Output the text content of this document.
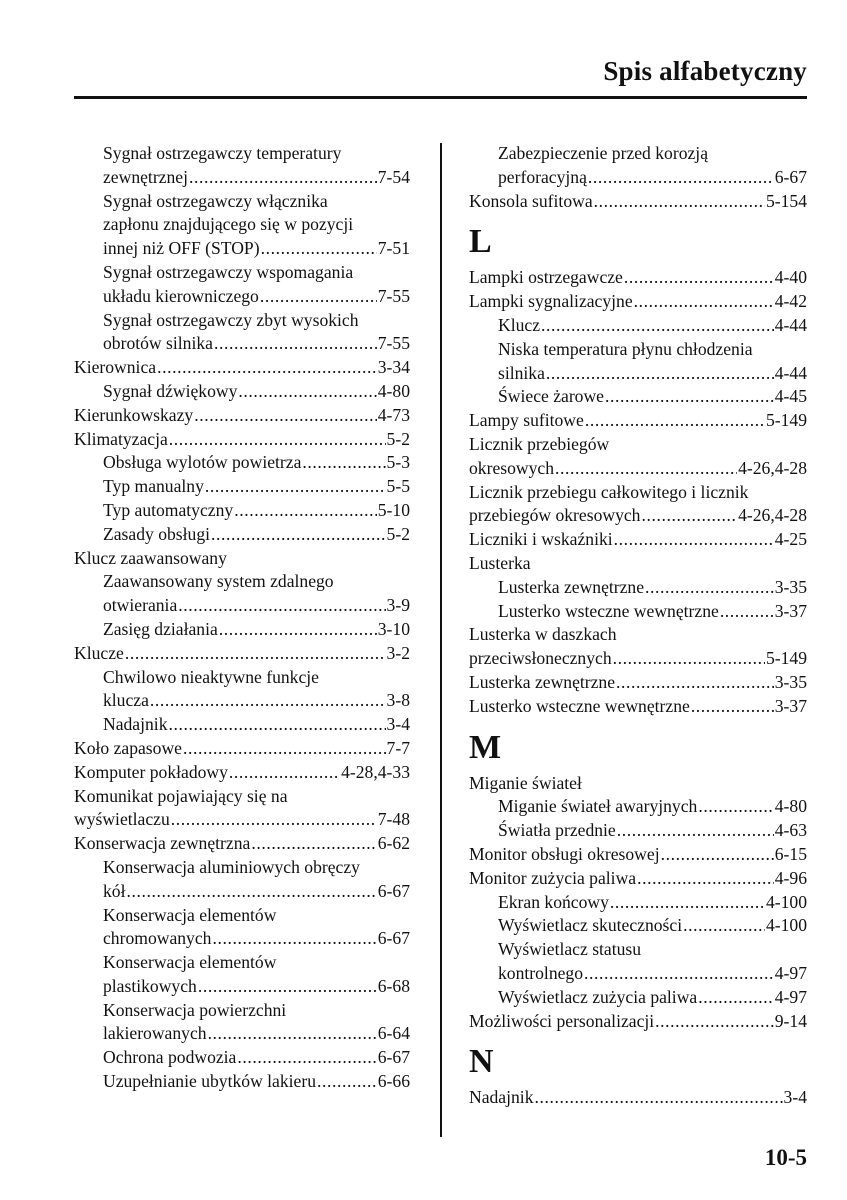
Spis alfabetyczny
Sygnał ostrzegawczy temperatury
zewnętrznej .....	7-54
Sygnał ostrzegawczy włącznika
zapłonu znajdującego się w pozycji
innej niż OFF (STOP) .....	7-51
Sygnał ostrzegawczy wspomagania
układu kierowniczego .....	7-55
Sygnał ostrzegawczy zbyt wysokich
obrotów silnika .....	7-55
Kierownica .....	3-34
Sygnał dźwiękowy .....	4-80
Kierunkowskazy .....	4-73
Klimatyzacja .....	5-2
Obsługa wylotów powietrza .....	5-3
Typ manualny .....	5-5
Typ automatyczny .....	5-10
Zasady obsługi .....	5-2
Klucz zaawansowany
Zaawansowany system zdalnego
otwierania .....	3-9
Zasięg działania .....	3-10
Klucze .....	3-2
Chwilowo nieaktywne funkcje
klucza .....	3-8
Nadajnik .....	3-4
Koło zapasowe .....	7-7
Komputer pokładowy .....	4-28,4-33
Komunikat pojawiający się na
wyświetlaczu .....	7-48
Konserwacja zewnętrzna .....	6-62
Konserwacja aluminiowych obręczy
kół .....	6-67
Konserwacja elementów
chromowanych .....	6-67
Konserwacja elementów
plastikowych .....	6-68
Konserwacja powierzchni
lakierowanych .....	6-64
Ochrona podwozia .....	6-67
Uzupełnianie ubytków lakieru .....	6-66
Zabezpieczenie przed korozją
perforacyjną .....	6-67
Konsola sufitowa .....	5-154
L
Lampki ostrzegawcze .....	4-40
Lampki sygnalizacyjne .....	4-42
Klucz .....	4-44
Niska temperatura płynu chłodzenia
silnika .....	4-44
Świece żarowe .....	4-45
Lampy sufitowe .....	5-149
Licznik przebiegów
okresowych .....	4-26,4-28
Licznik przebiegu całkowitego i licznik
przebiegów okresowych .....	4-26,4-28
Liczniki i wskaźniki .....	4-25
Lusterka
Lusterka zewnętrzne .....	3-35
Lusterko wsteczne wewnętrzne .....	3-37
Lusterka w daszkach
przeciwsłonecznych .....	5-149
Lusterka zewnętrzne .....	3-35
Lusterko wsteczne wewnętrzne .....	3-37
M
Miganie świateł
Miganie świateł awaryjnych .....	4-80
Światła przednie .....	4-63
Monitor obsługi okresowej .....	6-15
Monitor zużycia paliwa .....	4-96
Ekran końcowy .....	4-100
Wyświetlacz skuteczności .....	4-100
Wyświetlacz statusu
kontrolnego .....	4-97
Wyświetlacz zużycia paliwa .....	4-97
Możliwości personalizacji .....	9-14
N
Nadajnik .....	3-4
10-5
